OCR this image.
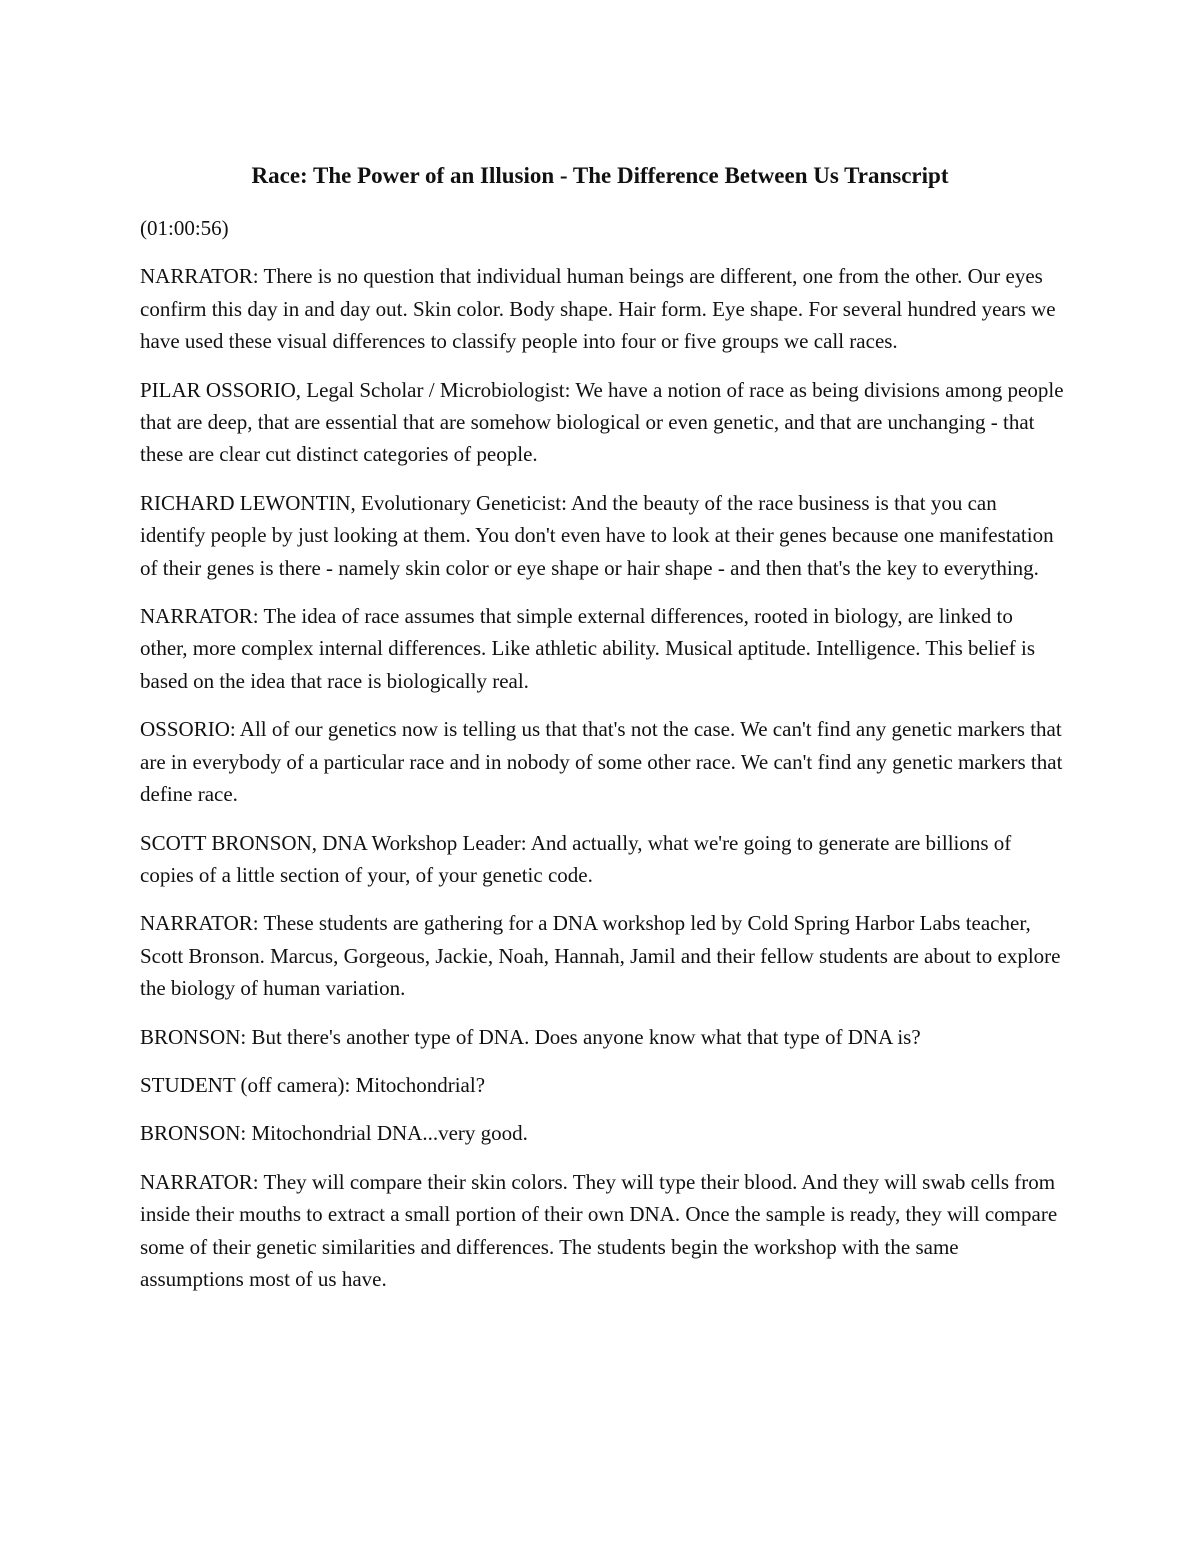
Race: The Power of an Illusion - The Difference Between Us Transcript

(01:00:56)

NARRATOR: There is no question that individual human beings are different, one from the other. Our eyes confirm this day in and day out. Skin color. Body shape. Hair form. Eye shape. For several hundred years we have used these visual differences to classify people into four or five groups we call races.

PILAR OSSORIO, Legal Scholar / Microbiologist: We have a notion of race as being divisions among people that are deep, that are essential that are somehow biological or even genetic, and that are unchanging - that these are clear cut distinct categories of people.

RICHARD LEWONTIN, Evolutionary Geneticist: And the beauty of the race business is that you can identify people by just looking at them. You don't even have to look at their genes because one manifestation of their genes is there - namely skin color or eye shape or hair shape - and then that's the key to everything.

NARRATOR: The idea of race assumes that simple external differences, rooted in biology, are linked to other, more complex internal differences. Like athletic ability. Musical aptitude. Intelligence. This belief is based on the idea that race is biologically real.

OSSORIO: All of our genetics now is telling us that that's not the case. We can't find any genetic markers that are in everybody of a particular race and in nobody of some other race. We can't find any genetic markers that define race.

SCOTT BRONSON, DNA Workshop Leader: And actually, what we're going to generate are billions of copies of a little section of your, of your genetic code.

NARRATOR: These students are gathering for a DNA workshop led by Cold Spring Harbor Labs teacher, Scott Bronson. Marcus, Gorgeous, Jackie, Noah, Hannah, Jamil and their fellow students are about to explore the biology of human variation.

BRONSON: But there's another type of DNA. Does anyone know what that type of DNA is?

STUDENT (off camera): Mitochondrial?

BRONSON: Mitochondrial DNA...very good.

NARRATOR: They will compare their skin colors. They will type their blood. And they will swab cells from inside their mouths to extract a small portion of their own DNA. Once the sample is ready, they will compare some of their genetic similarities and differences. The students begin the workshop with the same assumptions most of us have.
